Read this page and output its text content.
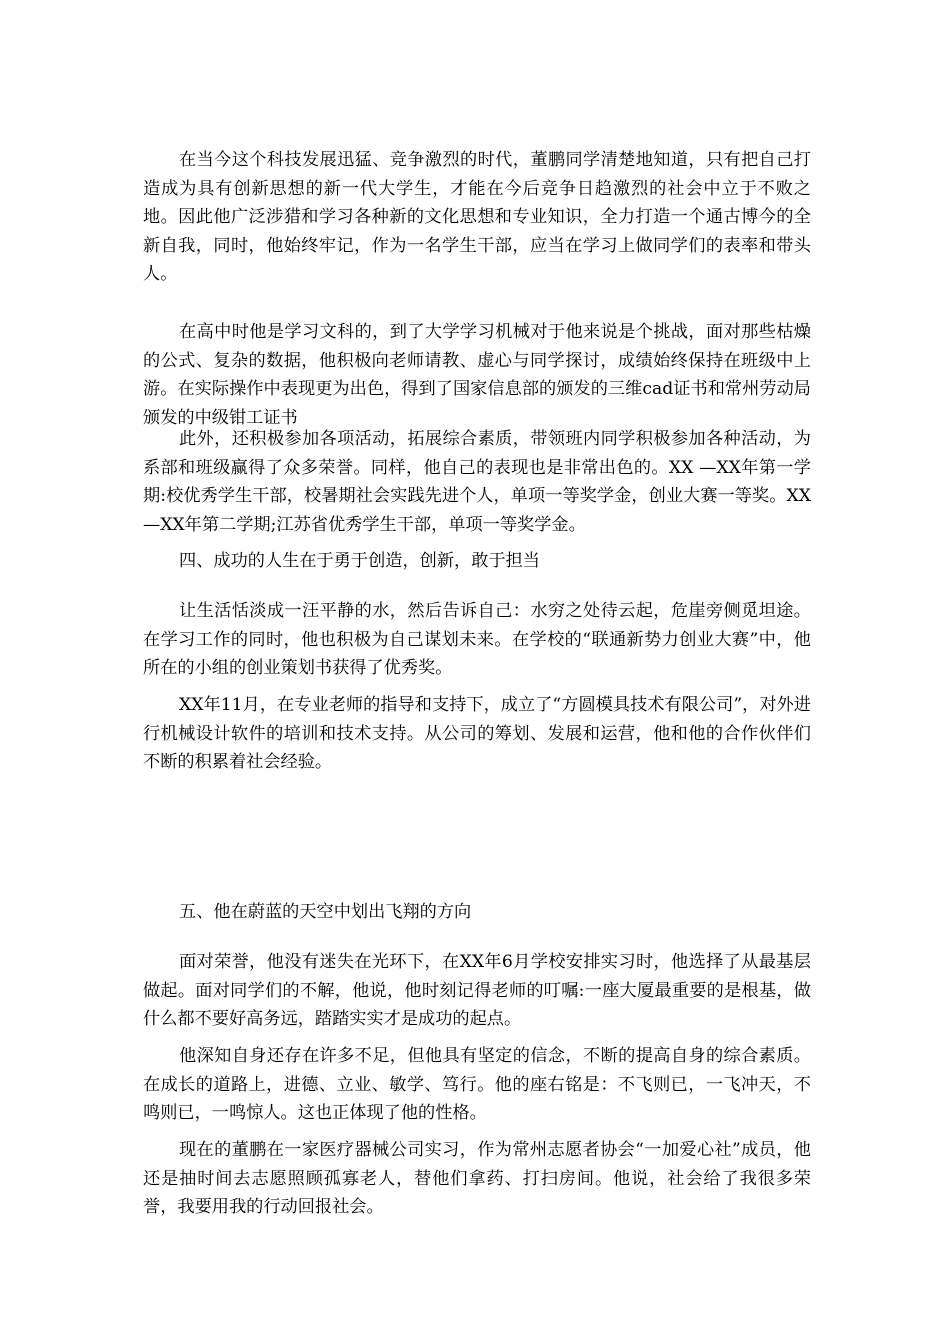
在当今这个科技发展迅猛、竞争激烈的时代，董鹏同学清楚地知道，只有把自己打造成为具有创新思想的新一代大学生，才能在今后竞争日趋激烈的社会中立于不败之地。因此他广泛涉猎和学习各种新的文化思想和专业知识，全力打造一个通古博今的全新自我，同时，他始终牢记，作为一名学生干部，应当在学习上做同学们的表率和带头人。

在高中时他是学习文科的，到了大学学习机械对于他来说是个挑战，面对那些枯燥的公式、复杂的数据，他积极向老师请教、虚心与同学探讨，成绩始终保持在班级中上游。在实际操作中表现更为出色，得到了国家信息部的颁发的三维cad证书和常州劳动局颁发的中级钳工证书

此外，还积极参加各项活动，拓展综合素质，带领班内同学积极参加各种活动，为系部和班级赢得了众多荣誉。同样，他自己的表现也是非常出色的。XX —XX年第一学期:校优秀学生干部，校暑期社会实践先进个人，单项一等奖学金，创业大赛一等奖。XX—XX年第二学期;江苏省优秀学生干部，单项一等奖学金。

四、成功的人生在于勇于创造，创新，敢于担当

让生活恬淡成一汪平静的水，然后告诉自己：水穷之处待云起，危崖旁侧觅坦途。在学习工作的同时，他也积极为自己谋划未来。在学校的“联通新势力创业大赛”中，他所在的小组的创业策划书获得了优秀奖。

XX年11月，在专业老师的指导和支持下，成立了“方圆模具技术有限公司”，对外进行机械设计软件的培训和技术支持。从公司的筹划、发展和运营，他和他的合作伙伴们不断的积累着社会经验。

五、他在蔚蓝的天空中划出飞翔的方向

面对荣誉，他没有迷失在光环下，在XX年6月学校安排实习时，他选择了从最基层做起。面对同学们的不解，他说，他时刻记得老师的叮嘱:一座大厦最重要的是根基，做什么都不要好高务远，踏踏实实才是成功的起点。

他深知自身还存在许多不足，但他具有坚定的信念，不断的提高自身的综合素质。在成长的道路上，进德、立业、敏学、笃行。他的座右铭是：不飞则已，一飞冲天，不鸣则已，一鸣惊人。这也正体现了他的性格。

现在的董鹏在一家医疗器械公司实习，作为常州志愿者协会“一加爱心社”成员，他还是抽时间去志愿照顾孤寡老人，替他们拿药、打扫房间。他说，社会给了我很多荣誉，我要用我的行动回报社会。
